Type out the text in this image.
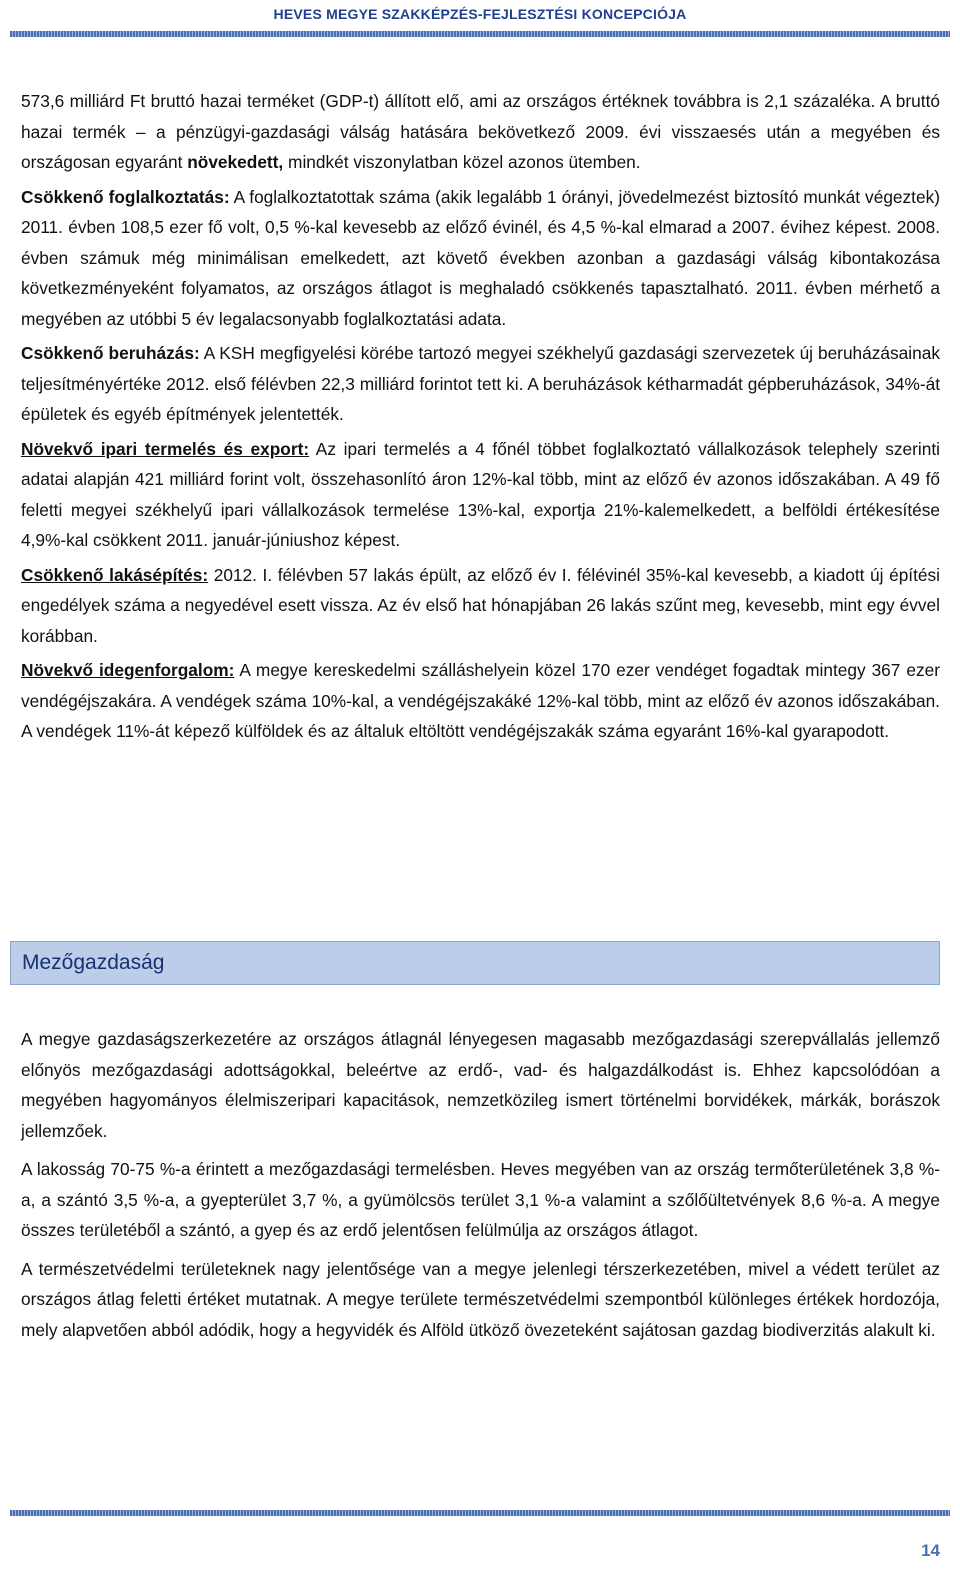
HEVES MEGYE SZAKKÉPZÉS-FEJLESZTÉSI KONCEPCIÓJA

573,6 milliárd Ft bruttó hazai terméket (GDP-t) állított elő, ami az országos értéknek továbbra is 2,1 százaléka. A bruttó hazai termék – a pénzügyi-gazdasági válság hatására bekövetkező 2009. évi visszaesés után a megyében és országosan egyaránt növekedett, mindkét viszonylatban közel azonos ütemben.

Csökkenő foglalkoztatás: A foglalkoztatottak száma (akik legalább 1 órányi, jövedelmezést biztosító munkát végeztek) 2011. évben 108,5 ezer fő volt, 0,5 %-kal kevesebb az előző évinél, és 4,5 %-kal elmarad a 2007. évihez képest. 2008. évben számuk még minimálisan emelkedett, azt követő években azonban a gazdasági válság kibontakozása következményeként folyamatos, az országos átlagot is meghaladó csökkenés tapasztalható. 2011. évben mérhető a megyében az utóbbi 5 év legalacsonyabb foglalkoztatási adata.

Csökkenő beruházás: A KSH megfigyelési körébe tartozó megyei székhelyű gazdasági szervezetek új beruházásainak teljesítményértéke 2012. első félévben 22,3 milliárd forintot tett ki. A beruházások kétharmadát gépberuházások, 34%-át épületek és egyéb építmények jelentették.

Növekvő ipari termelés és export: Az ipari termelés a 4 főnél többet foglalkoztató vállalkozások telephely szerinti adatai alapján 421 milliárd forint volt, összehasonlító áron 12%-kal több, mint az előző év azonos időszakában. A 49 fő feletti megyei székhelyű ipari vállalkozások termelése 13%-kal, exportja 21%-kalemelkedett, a belföldi értékesítése 4,9%-kal csökkent 2011. január-júniushoz képest.

Csökkenő lakásépítés: 2012. I. félévben 57 lakás épült, az előző év I. félévinél 35%-kal kevesebb, a kiadott új építési engedélyek száma a negyedével esett vissza. Az év első hat hónapjában 26 lakás szűnt meg, kevesebb, mint egy évvel korábban.

Növekvő idegenforgalom: A megye kereskedelmi szálláshelyein közel 170 ezer vendéget fogadtak mintegy 367 ezer vendégéjszakára. A vendégek száma 10%-kal, a vendégéjszakáké 12%-kal több, mint az előző év azonos időszakában. A vendégek 11%-át képező külföldek és az általuk eltöltött vendégéjszakák száma egyaránt 16%-kal gyarapodott.

Mezőgazdaság

A megye gazdaságszerkezetére az országos átlagnál lényegesen magasabb mezőgazdasági szerepvállalás jellemző előnyös mezőgazdasági adottságokkal, beleértve az erdő-, vad- és halgazdálkodást is. Ehhez kapcsolódóan a megyében hagyományos élelmiszeripari kapacitások, nemzetközileg ismert történelmi borvidékek, márkák, borászok jellemzőek.

A lakosság 70-75 %-a érintett a mezőgazdasági termelésben. Heves megyében van az ország termőterületének 3,8 %-a, a szántó 3,5 %-a, a gyepterület 3,7 %, a gyümölcsös terület 3,1 %-a valamint a szőlőültetvények 8,6 %-a. A megye összes területéből a szántó, a gyep és az erdő jelentősen felülmúlja az országos átlagot.

A természetvédelmi területeknek nagy jelentősége van a megye jelenlegi térszerkezetében, mivel a védett terület az országos átlag feletti értéket mutatnak. A megye területe természetvédelmi szempontból különleges értékek hordozója, mely alapvetően abból adódik, hogy a hegyvidék és Alföld ütköző övezeteként sajátosan gazdag biodiverzitás alakult ki.

14
